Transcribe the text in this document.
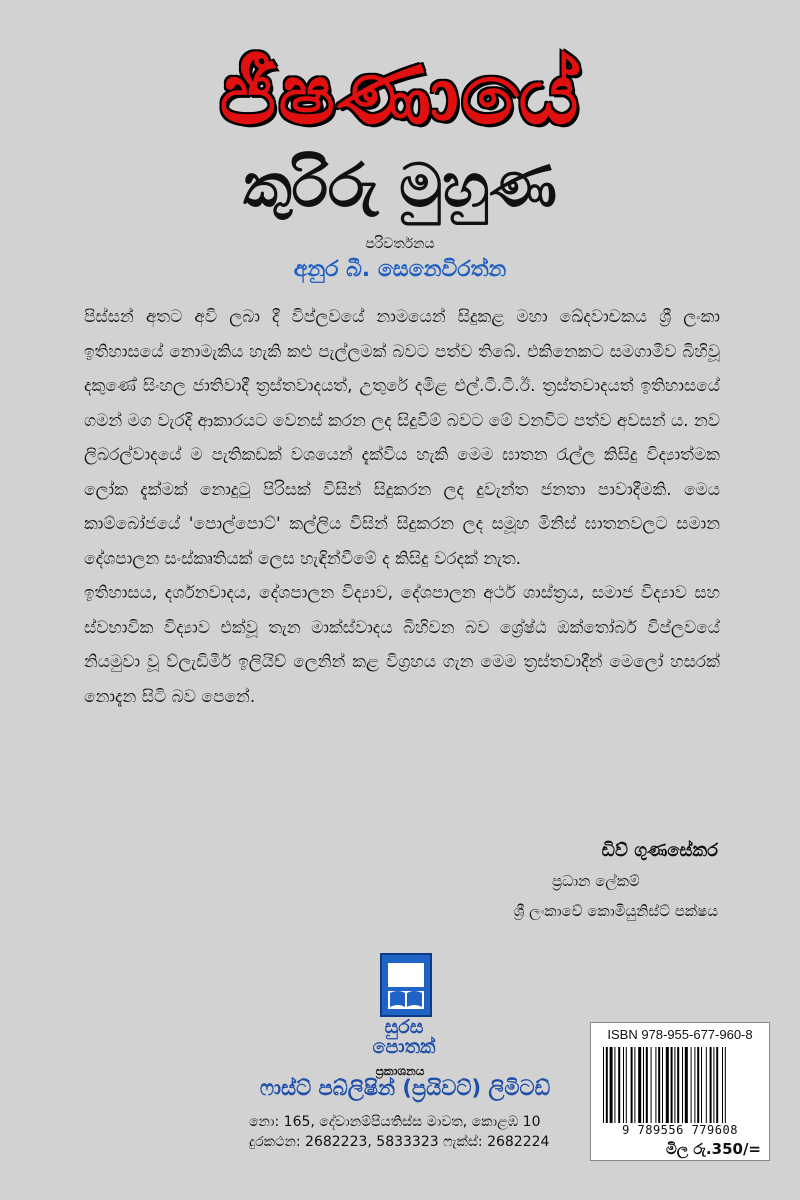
ජීෂණායේ
කුරිරු මුහුණ
පරිවර්තනය
අනුර බී. සෙනෙවිරත්න

පිස්සන් අතට අවි ලබා දී විප්ලවයේ නාමයෙන් සිදුකළ මහා ඛේදවාචකය ශ්‍රී ලංකා ඉතිහාසයේ නොමැකිය හැකි කළු පැල්ලමක් බවට පත්ව තිබේ. එකිනෙකට සමගාමීව බිහිවූ දකුණේ සිංහල ජාතිවාදී ත්‍රස්තවාදයත්, උතුරේ දමිළ එල්.ටී.ටී.ඊ. ත්‍රස්තවාදයත් ඉතිහාසයේ ගමන් මග වැරදි ආකාරයට වෙනස් කරන ලද සිදුවීම් බවට මේ වනවිට පත්ව අවසන් ය. නව ලිබරල්වාදයේ ම පැතිකඩක් වශයෙන් දැක්විය හැකි මෙම ඝාතන රැල්ල කිසිදු විද්‍යාත්මක ලෝක දැක්මක් නොදුටු පිරිසක් විසින් සිදුකරන ලද දුවැන්ත ජනතා පාවාදීමකි. මෙය කාම්බෝජයේ 'පොල්පොට්' කල්ලිය විසින් සිදුකරන ලද සමූහ මිනිස් ඝාතනවලට සමාන දේශපාලන සංස්කෘතියක් ලෙස හැඳින්වීමේ ද කිසිදු වරදක් නැත.

ඉතිහාසය, දර්ශනවාදය, දේශපාලන විද්‍යාව, දේශපාලන අර්ථ ශාස්ත්‍රය, සමාජ විද්‍යාව සහ ස්වභාවික විද්‍යාව එක්වූ තැන මාක්ස්වාදය බිහිවන බව ශ්‍රේෂ්ඨ ඔක්තෝබර් විප්ලවයේ නියමුවා වූ ව්ලැඩිමීර් ඉලියිච් ලෙනින් කළ විග්‍රහය ගැන මෙම ත්‍රස්තවාදීන් මෙලෝ හසරක් නොදැන සිටි බව පෙනේ.

ඩිව් ගුණසේකර
ප්‍රධාන ලේකම්
ශ්‍රී ලංකාවේ කොමියුනිස්ට් පක්ෂය
සුරස
පොතක්
ප්‍රකාශනය
ෆාස්ට් පබ්ලිෂින් (ප්‍රයිවට්) ලිමිටඩ්
නො: 165, දේවානම්පියතිස්ස මාවත, කොළඹ 10
දුරකථන: 2682223, 5833323 ෆැක්ස්: 2682224
ISBN 978-955-677-960-8
9 789556 779608
මිල රු.350/=
